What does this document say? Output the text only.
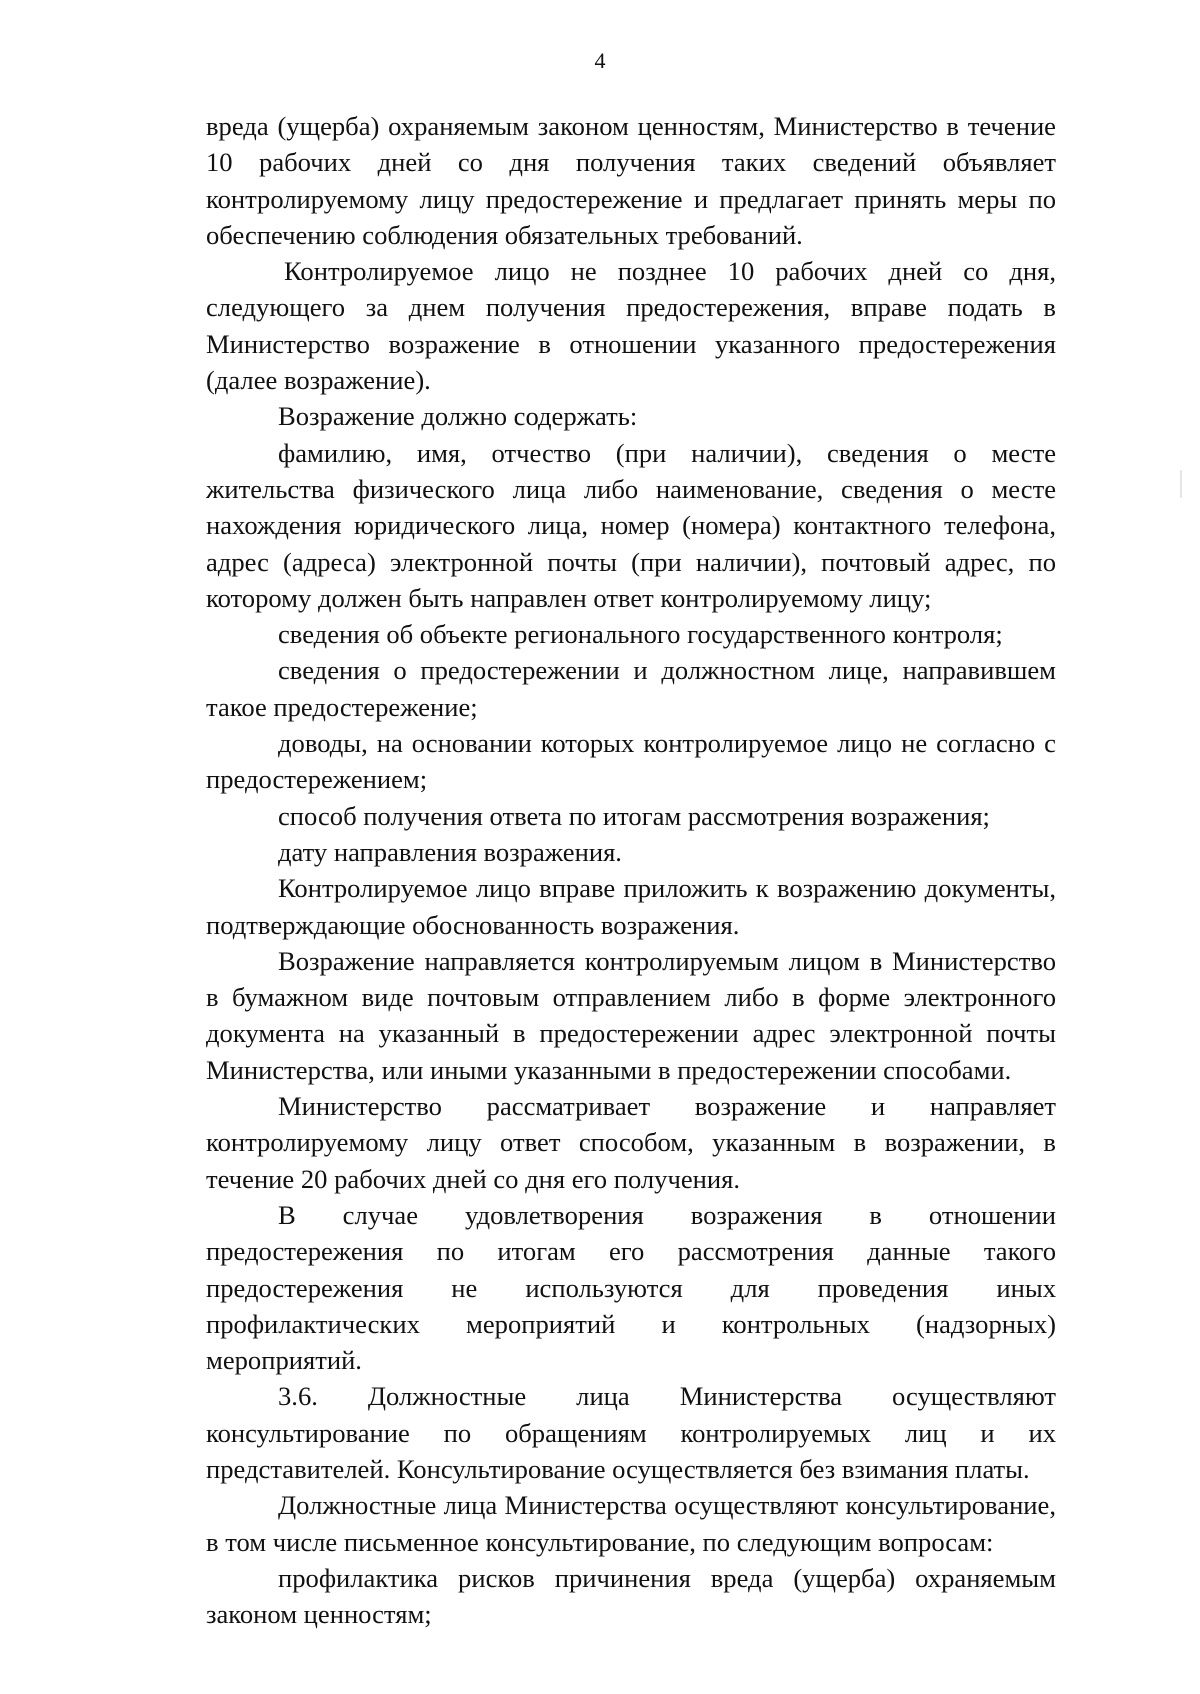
4

вреда (ущерба) охраняемым законом ценностям, Министерство в течение 10 рабочих дней со дня получения таких сведений объявляет контролируемому лицу предостережение и предлагает принять меры по обеспечению соблюдения обязательных требований.

Контролируемое лицо не позднее 10 рабочих дней со дня, следующего за днем получения предостережения, вправе подать в Министерство возражение в отношении указанного предостережения (далее возражение).

Возражение должно содержать:

фамилию, имя, отчество (при наличии), сведения о месте жительства физического лица либо наименование, сведения о месте нахождения юридического лица, номер (номера) контактного телефона, адрес (адреса) электронной почты (при наличии), почтовый адрес, по которому должен быть направлен ответ контролируемому лицу;

сведения об объекте регионального государственного контроля;

сведения о предостережении и должностном лице, направившем такое предостережение;

доводы, на основании которых контролируемое лицо не согласно с предостережением;

способ получения ответа по итогам рассмотрения возражения;

дату направления возражения.

Контролируемое лицо вправе приложить к возражению документы, подтверждающие обоснованность возражения.

Возражение направляется контролируемым лицом в Министерство в бумажном виде почтовым отправлением либо в форме электронного документа на указанный в предостережении адрес электронной почты Министерства, или иными указанными в предостережении способами.

Министерство рассматривает возражение и направляет контролируемому лицу ответ способом, указанным в возражении, в течение 20 рабочих дней со дня его получения.

В случае удовлетворения возражения в отношении предостережения по итогам его рассмотрения данные такого предостережения не используются для проведения иных профилактических мероприятий и контрольных (надзорных) мероприятий.

3.6. Должностные лица Министерства осуществляют консультирование по обращениям контролируемых лиц и их представителей. Консультирование осуществляется без взимания платы.

Должностные лица Министерства осуществляют консультирование, в том числе письменное консультирование, по следующим вопросам:

профилактика рисков причинения вреда (ущерба) охраняемым законом ценностям;
